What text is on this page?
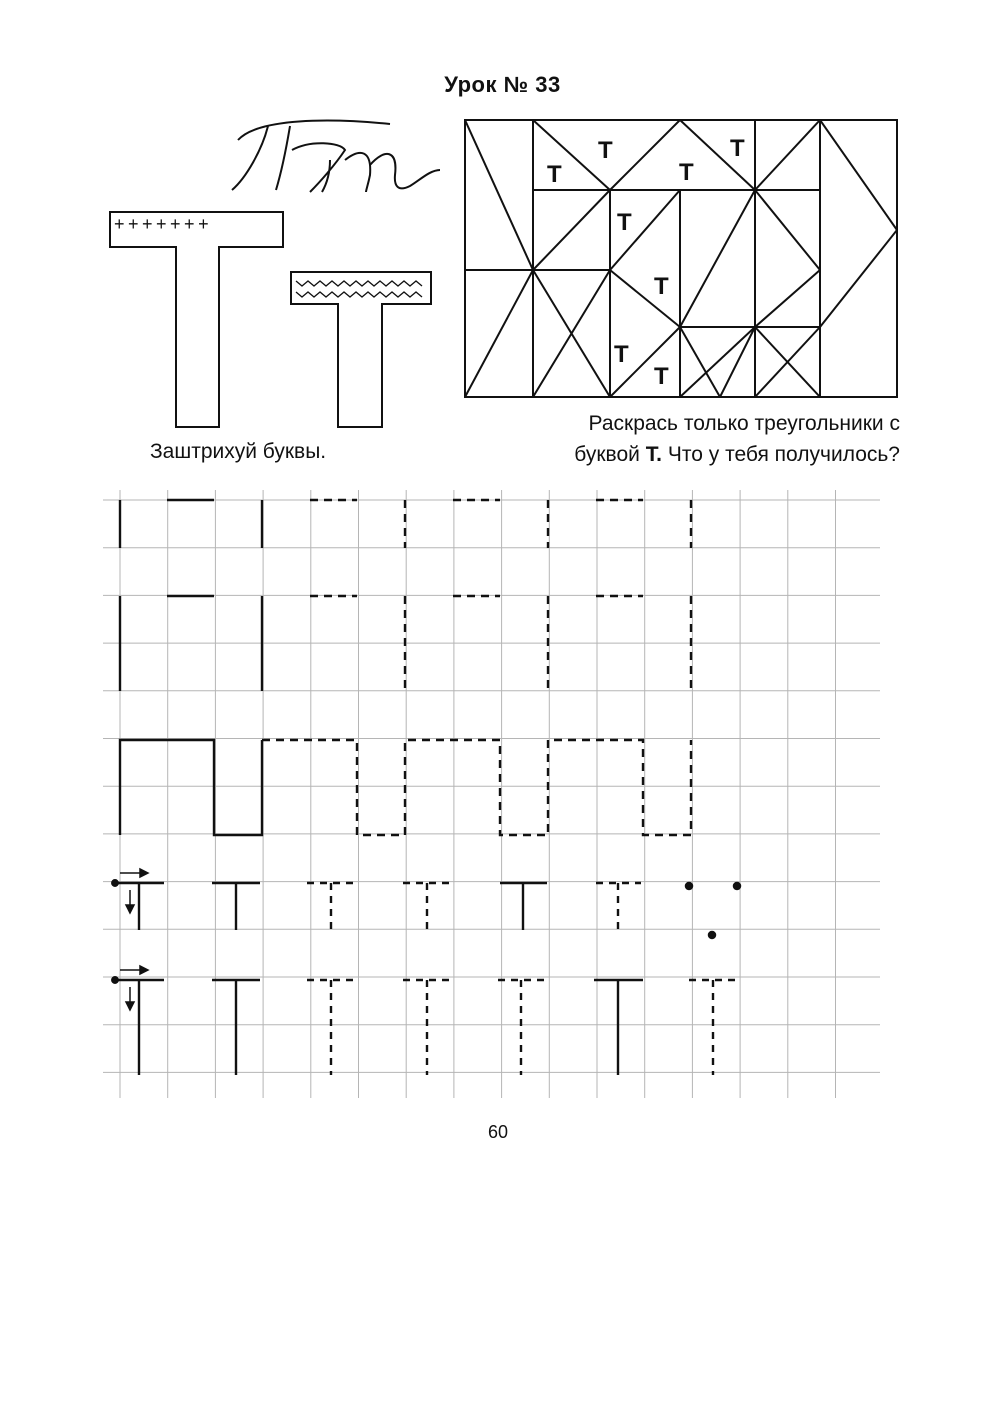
Урок № 33
Тт
+++++++
Т
т
Т
Т
Т
Т
Т
Т
Т
Т
Заштрихуй буквы.
Раскрась только треугольники с
буквой Т. Что у тебя получилось?
60
